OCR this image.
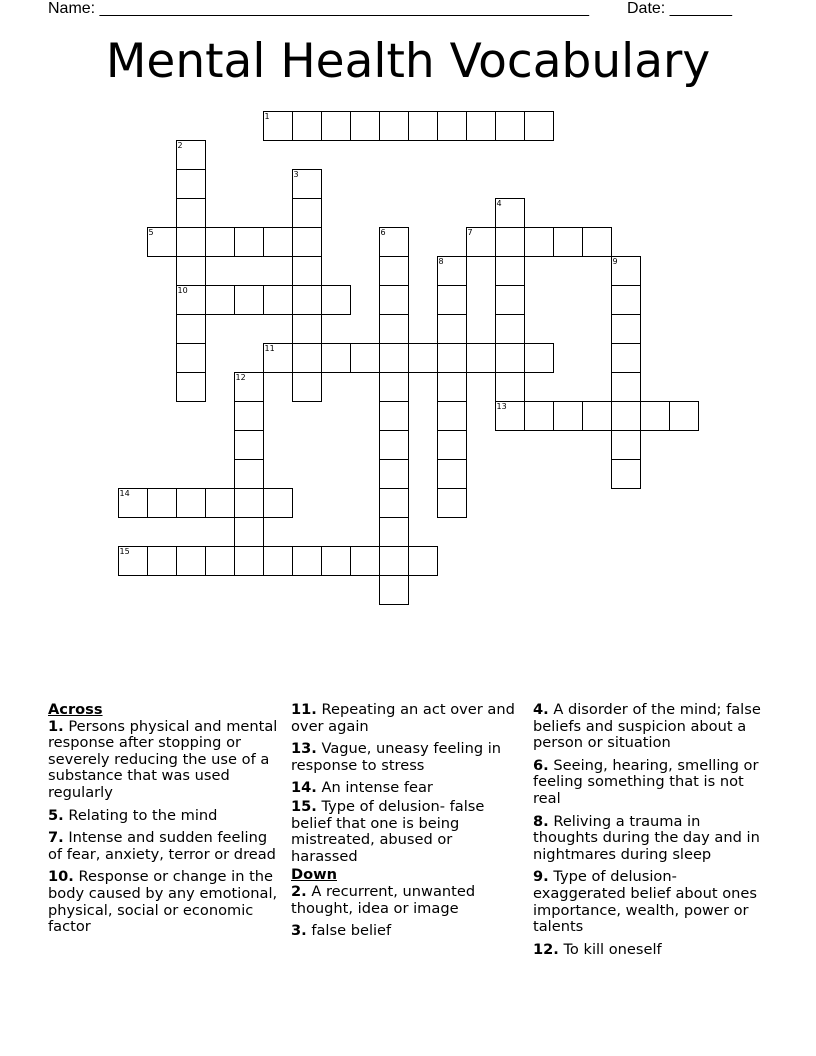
Name: _______________________________________________________ Date: _______
Mental Health Vocabulary
1
2
10
3
4
5	6	7
8	9
11
12
13
14
15

Across

1. Persons physical and mental response after stopping or severely reducing the use of a substance that was used regularly

5. Relating to the mind

7. Intense and sudden feeling of fear, anxiety, terror or dread

10. Response or change in the body caused by any emotional, physical, social or economic factor

11. Repeating an act over and over again

13. Vague, uneasy feeling in response to stress

14. An intense fear

15. Type of delusion- false belief that one is being mistreated, abused or harassed

Down

2. A recurrent, unwanted thought, idea or image

3. false belief

4. A disorder of the mind; false beliefs and suspicion about a person or situation

6. Seeing, hearing, smelling or feeling something that is not real

8. Reliving a trauma in thoughts during the day and in nightmares during sleep

9. Type of delusion- exaggerated belief about ones importance, wealth, power or talents

12. To kill oneself
